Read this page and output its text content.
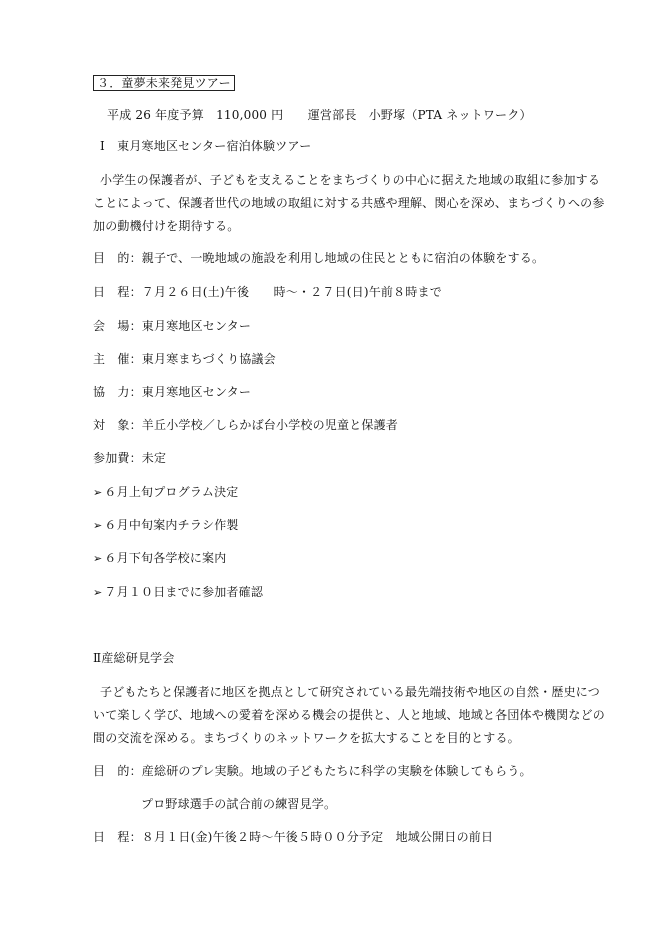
３．童夢未来発見ツアー
平成 26 年度予算　110,000 円　　運営部長　小野塚（PTA ネットワーク）
Ⅰ　東月寒地区センター宿泊体験ツアー
小学生の保護者が、子どもを支えることをまちづくりの中心に据えた地域の取組に参加する
ことによって、保護者世代の地域の取組に対する共感や理解、関心を深め、まちづくりへの参
加の動機付けを期待する。
目　的：親子で、一晩地域の施設を利用し地域の住民とともに宿泊の体験をする。
日　程：７月２６日(土)午後　　時～・２７日(日)午前８時まで
会　場：東月寒地区センター
主　催：東月寒まちづくり協議会
協　力：東月寒地区センター
対　象：羊丘小学校／しらかば台小学校の児童と保護者
参加費：未定
➢ ６月上旬プログラム決定
➢ ６月中旬案内チラシ作製
➢ ６月下旬各学校に案内
➢ ７月１０日までに参加者確認
Ⅱ産総研見学会
子どもたちと保護者に地区を拠点として研究されている最先端技術や地区の自然・歴史につ
いて楽しく学び、地域への愛着を深める機会の提供と、人と地域、地域と各団体や機関などの
間の交流を深める。まちづくりのネットワークを拡大することを目的とする。
目　的：産総研のプレ実験。地域の子どもたちに科学の実験を体験してもらう。
プロ野球選手の試合前の練習見学。
日　程：８月１日(金)午後２時～午後５時００分予定　地域公開日の前日
